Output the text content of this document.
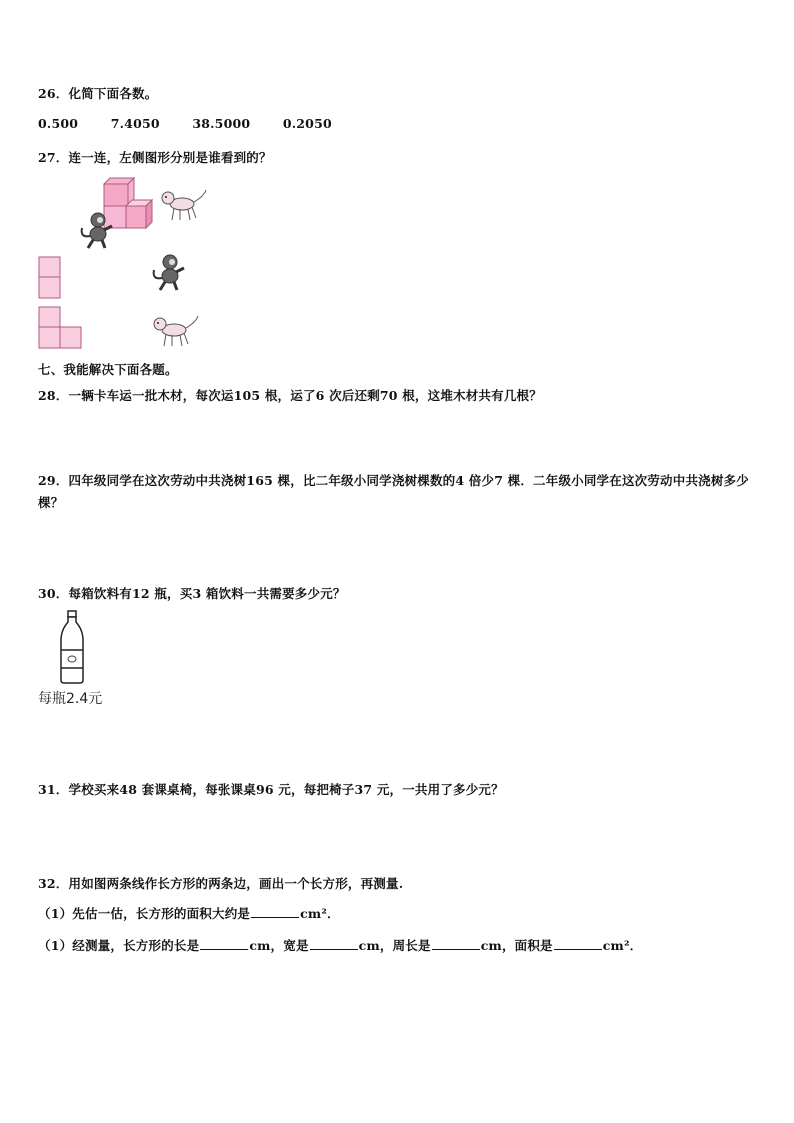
26．化简下面各数。
0.500	7.4050	38.5000	0.2050
27．连一连，左侧图形分别是谁看到的？
七、我能解决下面各题。
28．一辆卡车运一批木材，每次运105 根，运了6 次后还剩70 根，这堆木材共有几根？
29．四年级同学在这次劳动中共浇树165 棵，比二年级小同学浇树棵数的4 倍少7 棵．二年级小同学在这次劳动中共浇树多少棵？
30．每箱饮料有12 瓶，买3 箱饮料一共需要多少元？
每瓶2.4元
31．学校买来48 套课桌椅，每张课桌96 元，每把椅子37 元，一共用了多少元？
32．用如图两条线作长方形的两条边，画出一个长方形，再测量.
（1）先估一估，长方形的面积大约是	cm²．
（1）经测量，长方形的长是	cm，宽是	cm，周长是	cm，面积是	cm²．
